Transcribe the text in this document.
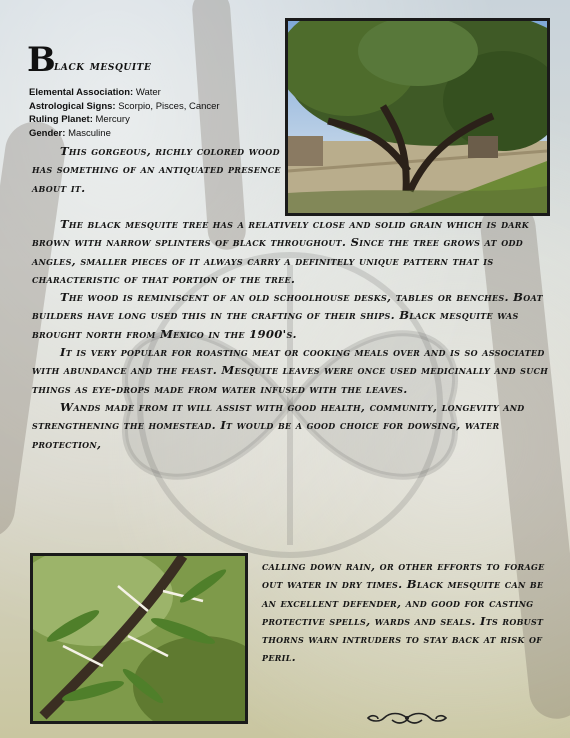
B
lack mesquite
Elemental Association: Water
Astrological Signs: Scorpio, Pisces, Cancer
Ruling Planet: Mercury
Gender: Masculine

This gorgeous, richly colored wood has something of an antiquated presence about it.

The black mesquite tree has a relatively close and solid grain which is dark brown with narrow splinters of black throughout. Since the tree grows at odd angles, smaller pieces of it always carry a definitely unique pattern that is characteristic of that portion of the tree.

The wood is reminiscent of an old schoolhouse desks, tables or benches. Boat builders have long used this in the crafting of their ships. Black mesquite was brought north from Mexico in the 1900's.

It is very popular for roasting meat or cooking meals over and is so associated with abundance and the feast. Mesquite leaves were once used medicinally and such things as eye-drops made from water infused with the leaves.

Wands made from it will assist with good health, community, longevity and strengthening the homestead. It would be a good choice for dowsing, water protection,

calling down rain, or other efforts to forage out water in dry times. Black mesquite can be an excellent defender, and good for casting protective spells, wards and seals. Its robust thorns warn intruders to stay back at risk of peril.
